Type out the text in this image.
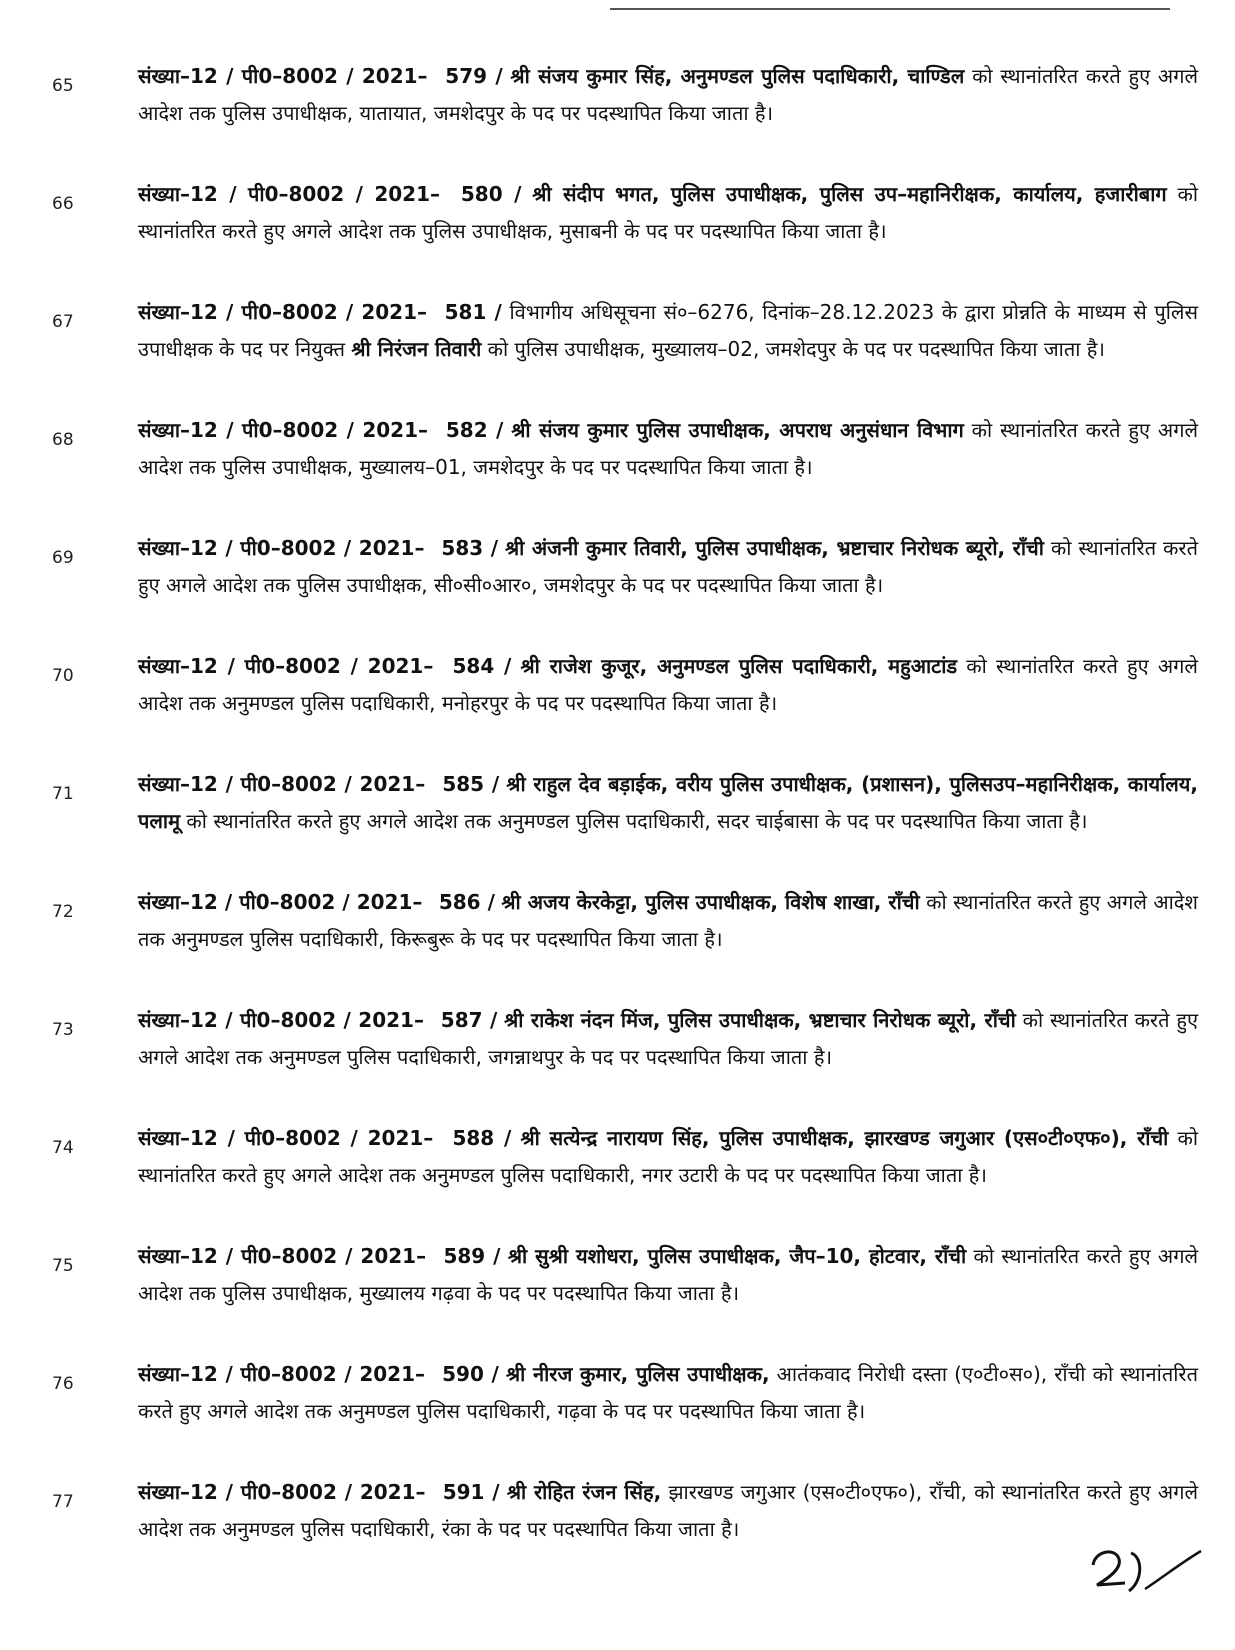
65	संख्या–12 / पी0–8002 / 2021– 579 / श्री संजय कुमार सिंह, अनुमण्डल पुलिस पदाधिकारी, चाण्डिल को स्थानांतरित करते हुए अगले आदेश तक पुलिस उपाधीक्षक, यातायात, जमशेदपुर के पद पर पदस्थापित किया जाता है।
66	संख्या–12 / पी0–8002 / 2021– 580 / श्री संदीप भगत, पुलिस उपाधीक्षक, पुलिस उप–महानिरीक्षक, कार्यालय, हजारीबाग को स्थानांतरित करते हुए अगले आदेश तक पुलिस उपाधीक्षक, मुसाबनी के पद पर पदस्थापित किया जाता है।
67	संख्या–12 / पी0–8002 / 2021– 581 / विभागीय अधिसूचना सं०–6276, दिनांक–28.12.2023 के द्वारा प्रोन्नति के माध्यम से पुलिस उपाधीक्षक के पद पर नियुक्त श्री निरंजन तिवारी को पुलिस उपाधीक्षक, मुख्यालय–02, जमशेदपुर के पद पर पदस्थापित किया जाता है।
68	संख्या–12 / पी0–8002 / 2021– 582 / श्री संजय कुमार पुलिस उपाधीक्षक, अपराध अनुसंधान विभाग को स्थानांतरित करते हुए अगले आदेश तक पुलिस उपाधीक्षक, मुख्यालय–01, जमशेदपुर के पद पर पदस्थापित किया जाता है।
69	संख्या–12 / पी0–8002 / 2021– 583 / श्री अंजनी कुमार तिवारी, पुलिस उपाधीक्षक, भ्रष्टाचार निरोधक ब्यूरो, राँची को स्थानांतरित करते हुए अगले आदेश तक पुलिस उपाधीक्षक, सी०सी०आर०, जमशेदपुर के पद पर पदस्थापित किया जाता है।
70	संख्या–12 / पी0–8002 / 2021– 584 / श्री राजेश कुजूर, अनुमण्डल पुलिस पदाधिकारी, महुआटांड को स्थानांतरित करते हुए अगले आदेश तक अनुमण्डल पुलिस पदाधिकारी, मनोहरपुर के पद पर पदस्थापित किया जाता है।
71	संख्या–12 / पी0–8002 / 2021– 585 / श्री राहुल देव बड़ाईक, वरीय पुलिस उपाधीक्षक, (प्रशासन), पुलिसउप–महानिरीक्षक, कार्यालय, पलामू को स्थानांतरित करते हुए अगले आदेश तक अनुमण्डल पुलिस पदाधिकारी, सदर चाईबासा के पद पर पदस्थापित किया जाता है।
72	संख्या–12 / पी0–8002 / 2021– 586 / श्री अजय केरकेट्टा, पुलिस उपाधीक्षक, विशेष शाखा, राँची को स्थानांतरित करते हुए अगले आदेश तक अनुमण्डल पुलिस पदाधिकारी, किरूबुरू के पद पर पदस्थापित किया जाता है।
73	संख्या–12 / पी0–8002 / 2021– 587 / श्री राकेश नंदन मिंज, पुलिस उपाधीक्षक, भ्रष्टाचार निरोधक ब्यूरो, राँची को स्थानांतरित करते हुए अगले आदेश तक अनुमण्डल पुलिस पदाधिकारी, जगन्नाथपुर के पद पर पदस्थापित किया जाता है।
74	संख्या–12 / पी0–8002 / 2021– 588 / श्री सत्येन्द्र नारायण सिंह, पुलिस उपाधीक्षक, झारखण्ड जगुआर (एस०टी०एफ०), राँची को स्थानांतरित करते हुए अगले आदेश तक अनुमण्डल पुलिस पदाधिकारी, नगर उटारी के पद पर पदस्थापित किया जाता है।
75	संख्या–12 / पी0–8002 / 2021– 589 / श्री सुश्री यशोधरा, पुलिस उपाधीक्षक, जैप–10, होटवार, राँची को स्थानांतरित करते हुए अगले आदेश तक पुलिस उपाधीक्षक, मुख्यालय गढ़वा के पद पर पदस्थापित किया जाता है।
76	संख्या–12 / पी0–8002 / 2021– 590 / श्री नीरज कुमार, पुलिस उपाधीक्षक, आतंकवाद निरोधी दस्ता (ए०टी०स०), राँची को स्थानांतरित करते हुए अगले आदेश तक अनुमण्डल पुलिस पदाधिकारी, गढ़वा के पद पर पदस्थापित किया जाता है।
77	संख्या–12 / पी0–8002 / 2021– 591 / श्री रोहित रंजन सिंह, झारखण्ड जगुआर (एस०टी०एफ०), राँची, को स्थानांतरित करते हुए अगले आदेश तक अनुमण्डल पुलिस पदाधिकारी, रंका के पद पर पदस्थापित किया जाता है।
